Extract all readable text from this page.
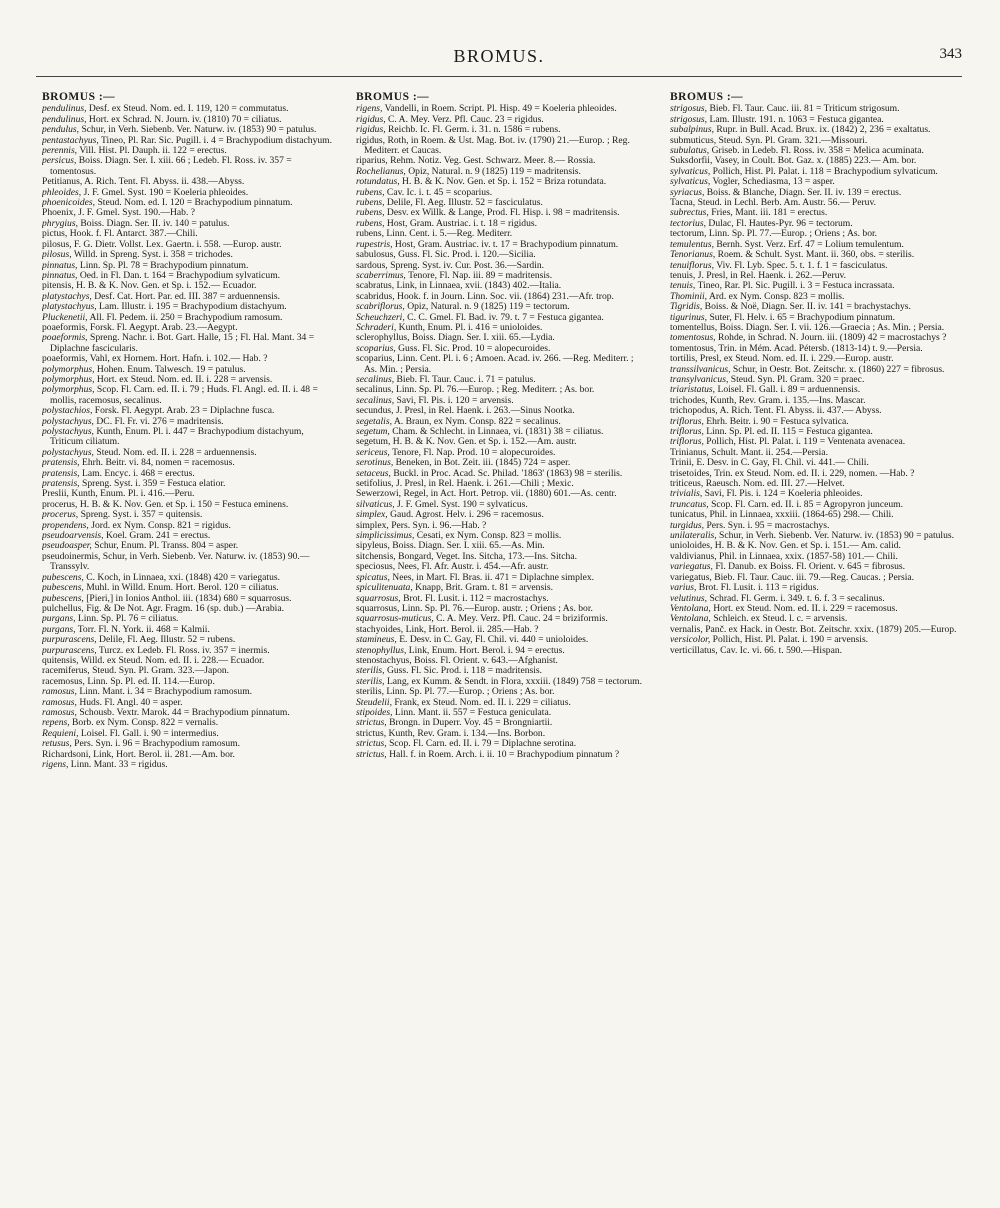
BROMUS.	343
BROMUS :—

pendulinus, Desf. ex Steud. Nom. ed. I. 119, 120 = commutatus.

pendulinus, Hort. ex Schrad. N. Journ. iv. (1810) 70 = ciliatus.

pendulus, Schur, in Verh. Siebenb. Ver. Naturw. iv. (1853) 90 = patulus.

pentastachyus, Tineo, Pl. Rar. Sic. Pugill. i. 4 = Brachypodium distachyum.

perennis, Vill. Hist. Pl. Dauph. ii. 122 = erectus.

persicus, Boiss. Diagn. Ser. I. xiii. 66 ; Ledeb. Fl. Ross. iv. 357 = tomentosus.

Petitianus, A. Rich. Tent. Fl. Abyss. ii. 438.—Abyss.

phleoides, J. F. Gmel. Syst. 190 = Koeleria phleoides.

phoenicoides, Steud. Nom. ed. I. 120 = Brachypodium pinnatum.

Phoenix, J. F. Gmel. Syst. 190.—Hab. ?

phrygius, Boiss. Diagn. Ser. II. iv. 140 = patulus.

pictus, Hook. f. Fl. Antarct. 387.—Chili.

pilosus, F. G. Dietr. Vollst. Lex. Gaertn. i. 558. —Europ. austr.

pilosus, Willd. in Spreng. Syst. i. 358 = trichodes.

pinnatus, Linn. Sp. Pl. 78 = Brachypodium pinnatum.

pinnatus, Oed. in Fl. Dan. t. 164 = Brachypodium sylvaticum.

pitensis, H. B. & K. Nov. Gen. et Sp. i. 152.— Ecuador.

platystachys, Desf. Cat. Hort. Par. ed. III. 387 = arduennensis.

platystachyus, Lam. Illustr. i. 195 = Brachypodium distachyum.

Pluckenetii, All. Fl. Pedem. ii. 250 = Brachypodium ramosum.

poaeformis, Forsk. Fl. Aegypt. Arab. 23.—Aegypt.

poaeformis, Spreng. Nachr. i. Bot. Gart. Halle, 15 ; Fl. Hal. Mant. 34 = Diplachne fascicularis.

poaeformis, Vahl, ex Hornem. Hort. Hafn. i. 102.— Hab. ?

polymorphus, Hohen. Enum. Talwesch. 19 = patulus.

polymorphus, Hort. ex Steud. Nom. ed. II. i. 228 = arvensis.

polymorphus, Scop. Fl. Carn. ed. II. i. 79 ; Huds. Fl. Angl. ed. II. i. 48 = mollis, racemosus, secalinus.

polystachios, Forsk. Fl. Aegypt. Arab. 23 = Diplachne fusca.

polystachyus, DC. Fl. Fr. vi. 276 = madritensis.

polystachyus, Kunth, Enum. Pl. i. 447 = Brachypodium distachyum, Triticum ciliatum.

polystachyus, Steud. Nom. ed. II. i. 228 = arduennensis.

pratensis, Ehrh. Beitr. vi. 84, nomen = racemosus.

pratensis, Lam. Encyc. i. 468 = erectus.

pratensis, Spreng. Syst. i. 359 = Festuca elatior.

Preslii, Kunth, Enum. Pl. i. 416.—Peru.

procerus, H. B. & K. Nov. Gen. et Sp. i. 150 = Festuca eminens.

procerus, Spreng. Syst. i. 357 = quitensis.

propendens, Jord. ex Nym. Consp. 821 = rigidus.

pseudoarvensis, Koel. Gram. 241 = erectus.

pseudoasper, Schur, Enum. Pl. Transs. 804 = asper.

pseudoinermis, Schur, in Verh. Siebenb. Ver. Naturw. iv. (1853) 90.—Transsylv.

pubescens, C. Koch, in Linnaea, xxi. (1848) 420 = variegatus.

pubescens, Muhl. in Willd. Enum. Hort. Berol. 120 = ciliatus.

pubescens, [Pieri,] in Ionios Anthol. iii. (1834) 680 = squarrosus.

pulchellus, Fig. & De Not. Agr. Fragm. 16 (sp. dub.) —Arabia.

purgans, Linn. Sp. Pl. 76 = ciliatus.

purgans, Torr. Fl. N. York. ii. 468 = Kalmii.

purpurascens, Delile, Fl. Aeg. Illustr. 52 = rubens.

purpurascens, Turcz. ex Ledeb. Fl. Ross. iv. 357 = inermis.

quitensis, Willd. ex Steud. Nom. ed. II. i. 228.— Ecuador.

racemiferus, Steud. Syn. Pl. Gram. 323.—Japon.

racemosus, Linn. Sp. Pl. ed. II. 114.—Europ.

ramosus, Linn. Mant. i. 34 = Brachypodium ramosum.

ramosus, Huds. Fl. Angl. 40 = asper.

ramosus, Schousb. Vextr. Marok. 44 = Brachypodium pinnatum.

repens, Borb. ex Nym. Consp. 822 = vernalis.

Requieni, Loisel. Fl. Gall. i. 90 = intermedius.

retusus, Pers. Syn. i. 96 = Brachypodium ramosum.

Richardsoni, Link, Hort. Berol. ii. 281.—Am. bor.

rigens, Linn. Mant. 33 = rigidus.

BROMUS :—

rigens, Vandelli, in Roem. Script. Pl. Hisp. 49 = Koeleria phleoides.

rigidus, C. A. Mey. Verz. Pfl. Cauc. 23 = rigidus.

rigidus, Reichb. Ic. Fl. Germ. i. 31. n. 1586 = rubens.

rigidus, Roth, in Roem. & Ust. Mag. Bot. iv. (1790) 21.—Europ. ; Reg. Mediterr. et Caucas.

riparius, Rehm. Notiz. Veg. Gest. Schwarz. Meer. 8.— Rossia.

Rochelianus, Opiz, Natural. n. 9 (1825) 119 = madritensis.

rotundatus, H. B. & K. Nov. Gen. et Sp. i. 152 = Briza rotundata.

rubens, Cav. Ic. i. t. 45 = scoparius.

rubens, Delile, Fl. Aeg. Illustr. 52 = fasciculatus.

rubens, Desv. ex Willk. & Lange, Prod. Fl. Hisp. i. 98 = madritensis.

rubens, Host, Gram. Austriac. i. t. 18 = rigidus.

rubens, Linn. Cent. i. 5.—Reg. Mediterr.

rupestris, Host, Gram. Austriac. iv. t. 17 = Brachypodium pinnatum.

sabulosus, Guss. Fl. Sic. Prod. i. 120.—Sicilia.

sardous, Spreng. Syst. iv. Cur. Post. 36.—Sardin.

scaberrimus, Tenore, Fl. Nap. iii. 89 = madritensis.

scabratus, Link, in Linnaea, xvii. (1843) 402.—Italia.

scabridus, Hook. f. in Journ. Linn. Soc. vii. (1864) 231.—Afr. trop.

scabriflorus, Opiz, Natural. n. 9 (1825) 119 = tectorum.

Scheuchzeri, C. C. Gmel. Fl. Bad. iv. 79. t. 7 = Festuca gigantea.

Schraderi, Kunth, Enum. Pl. i. 416 = unioloides.

sclerophyllus, Boiss. Diagn. Ser. I. xiii. 65.—Lydia.

scoparius, Guss. Fl. Sic. Prod. 10 = alopecuroides.

scoparius, Linn. Cent. Pl. i. 6 ; Amoen. Acad. iv. 266. —Reg. Mediterr. ; As. Min. ; Persia.

secalinus, Bieb. Fl. Taur. Cauc. i. 71 = patulus.

secalinus, Linn. Sp. Pl. 76.—Europ. ; Reg. Mediterr. ; As. bor.

secalinus, Savi, Fl. Pis. i. 120 = arvensis.

secundus, J. Presl, in Rel. Haenk. i. 263.—Sinus Nootka.

segetalis, A. Braun, ex Nym. Consp. 822 = secalinus.

segetum, Cham. & Schlecht. in Linnaea, vi. (1831) 38 = ciliatus.

segetum, H. B. & K. Nov. Gen. et Sp. i. 152.—Am. austr.

sericeus, Tenore, Fl. Nap. Prod. 10 = alopecuroides.

serotinus, Beneken, in Bot. Zeit. iii. (1845) 724 = asper.

setaceus, Buckl. in Proc. Acad. Sc. Philad. '1863' (1863) 98 = sterilis.

setifolius, J. Presl, in Rel. Haenk. i. 261.—Chili ; Mexic.

Sewerzowi, Regel, in Act. Hort. Petrop. vii. (1880) 601.—As. centr.

silvaticus, J. F. Gmel. Syst. 190 = sylvaticus.

simplex, Gaud. Agrost. Helv. i. 296 = racemosus.

simplex, Pers. Syn. i. 96.—Hab. ?

simplicissimus, Cesati, ex Nym. Consp. 823 = mollis.

sipyleus, Boiss. Diagn. Ser. I. xiii. 65.—As. Min.

sitchensis, Bongard, Veget. Ins. Sitcha, 173.—Ins. Sitcha.

speciosus, Nees, Fl. Afr. Austr. i. 454.—Afr. austr.

spicatus, Nees, in Mart. Fl. Bras. ii. 471 = Diplachne simplex.

spiculitenuata, Knapp, Brit. Gram. t. 81 = arvensis.

squarrosus, Brot. Fl. Lusit. i. 112 = macrostachys.

squarrosus, Linn. Sp. Pl. 76.—Europ. austr. ; Oriens ; As. bor.

squarrosus-muticus, C. A. Mey. Verz. Pfl. Cauc. 24 = briziformis.

stachyoides, Link, Hort. Berol. ii. 285.—Hab. ?

stamineus, E. Desv. in C. Gay, Fl. Chil. vi. 440 = unioloides.

stenophyllus, Link, Enum. Hort. Berol. i. 94 = erectus.

stenostachyus, Boiss. Fl. Orient. v. 643.—Afghanist.

sterilis, Guss. Fl. Sic. Prod. i. 118 = madritensis.

sterilis, Lang, ex Kumm. & Sendt. in Flora, xxxiii. (1849) 758 = tectorum.

sterilis, Linn. Sp. Pl. 77.—Europ. ; Oriens ; As. bor.

Steudelii, Frank, ex Steud. Nom. ed. II. i. 229 = ciliatus.

stipoides, Linn. Mant. ii. 557 = Festuca geniculata.

strictus, Brongn. in Duperr. Voy. 45 = Brongniartii.

strictus, Kunth, Rev. Gram. i. 134.—Ins. Borbon.

strictus, Scop. Fl. Carn. ed. II. i. 79 = Diplachne serotina.

strictus, Hall. f. in Roem. Arch. i. ii. 10 = Brachypodium pinnatum ?

BROMUS :—

strigosus, Bieb. Fl. Taur. Cauc. iii. 81 = Triticum strigosum.

strigosus, Lam. Illustr. 191. n. 1063 = Festuca gigantea.

subalpinus, Rupr. in Bull. Acad. Brux. ix. (1842) 2, 236 = exaltatus.

submuticus, Steud. Syn. Pl. Gram. 321.—Missouri.

subulatus, Griseb. in Ledeb. Fl. Ross. iv. 358 = Melica acuminata.

Suksdorfii, Vasey, in Coult. Bot. Gaz. x. (1885) 223.— Am. bor.

sylvaticus, Pollich, Hist. Pl. Palat. i. 118 = Brachypodium sylvaticum.

sylvaticus, Vogler, Schediasma, 13 = asper.

syriacus, Boiss. & Blanche, Diagn. Ser. II. iv. 139 = erectus.

Tacna, Steud. in Lechl. Berb. Am. Austr. 56.— Peruv.

subrectus, Fries, Mant. iii. 181 = erectus.

tectorius, Dulac, Fl. Hautes-Pyr. 96 = tectorum.

tectorum, Linn. Sp. Pl. 77.—Europ. ; Oriens ; As. bor.

temulentus, Bernh. Syst. Verz. Erf. 47 = Lolium temulentum.

Tenorianus, Roem. & Schult. Syst. Mant. ii. 360, obs. = sterilis.

tenuiflorus, Viv. Fl. Lyb. Spec. 5. t. 1. f. 1 = fasciculatus.

tenuis, J. Presl, in Rel. Haenk. i. 262.—Peruv.

tenuis, Tineo, Rar. Pl. Sic. Pugill. i. 3 = Festuca incrassata.

Thominii, Ard. ex Nym. Consp. 823 = mollis.

Tigridis, Boiss. & Noë, Diagn. Ser. II. iv. 141 = brachystachys.

tigurinus, Suter, Fl. Helv. i. 65 = Brachypodium pinnatum.

tomentellus, Boiss. Diagn. Ser. I. vii. 126.—Graecia ; As. Min. ; Persia.

tomentosus, Rohde, in Schrad. N. Journ. iii. (1809) 42 = macrostachys ?

tomentosus, Trin. in Mém. Acad. Pétersb. (1813-14) t. 9.—Persia.

tortilis, Presl, ex Steud. Nom. ed. II. i. 229.—Europ. austr.

transsilvanicus, Schur, in Oestr. Bot. Zeitschr. x. (1860) 227 = fibrosus.

transylvanicus, Steud. Syn. Pl. Gram. 320 = praec.

triaristatus, Loisel. Fl. Gall. i. 89 = arduennensis.

trichodes, Kunth, Rev. Gram. i. 135.—Ins. Mascar.

trichopodus, A. Rich. Tent. Fl. Abyss. ii. 437.— Abyss.

triflorus, Ehrh. Beitr. i. 90 = Festuca sylvatica.

triflorus, Linn. Sp. Pl. ed. II. 115 = Festuca gigantea.

triflorus, Pollich, Hist. Pl. Palat. i. 119 = Ventenata avenacea.

Trinianus, Schult. Mant. ii. 254.—Persia.

Trinii, E. Desv. in C. Gay, Fl. Chil. vi. 441.— Chili.

trisetoides, Trin. ex Steud. Nom. ed. II. i. 229, nomen. —Hab. ?

triticeus, Raeusch. Nom. ed. III. 27.—Helvet.

trivialis, Savi, Fl. Pis. i. 124 = Koeleria phleoides.

truncatus, Scop. Fl. Carn. ed. II. i. 85 = Agropyron junceum.

tunicatus, Phil. in Linnaea, xxxiii. (1864-65) 298.— Chili.

turgidus, Pers. Syn. i. 95 = macrostachys.

unilateralis, Schur, in Verh. Siebenb. Ver. Naturw. iv. (1853) 90 = patulus.

unioloides, H. B. & K. Nov. Gen. et Sp. i. 151.— Am. calid.

valdivianus, Phil. in Linnaea, xxix. (1857-58) 101.— Chili.

variegatus, Fl. Danub. ex Boiss. Fl. Orient. v. 645 = fibrosus.

variegatus, Bieb. Fl. Taur. Cauc. iii. 79.—Reg. Caucas. ; Persia.

varius, Brot. Fl. Lusit. i. 113 = rigidus.

velutinus, Schrad. Fl. Germ. i. 349. t. 6. f. 3 = secalinus.

Ventolana, Hort. ex Steud. Nom. ed. II. i. 229 = racemosus.

Ventolana, Schleich. ex Steud. l. c. = arvensis.

vernalis, Panč. ex Hack. in Oestr. Bot. Zeitschr. xxix. (1879) 205.—Europ.

versicolor, Pollich, Hist. Pl. Palat. i. 190 = arvensis.

verticillatus, Cav. Ic. vi. 66. t. 590.—Hispan.
